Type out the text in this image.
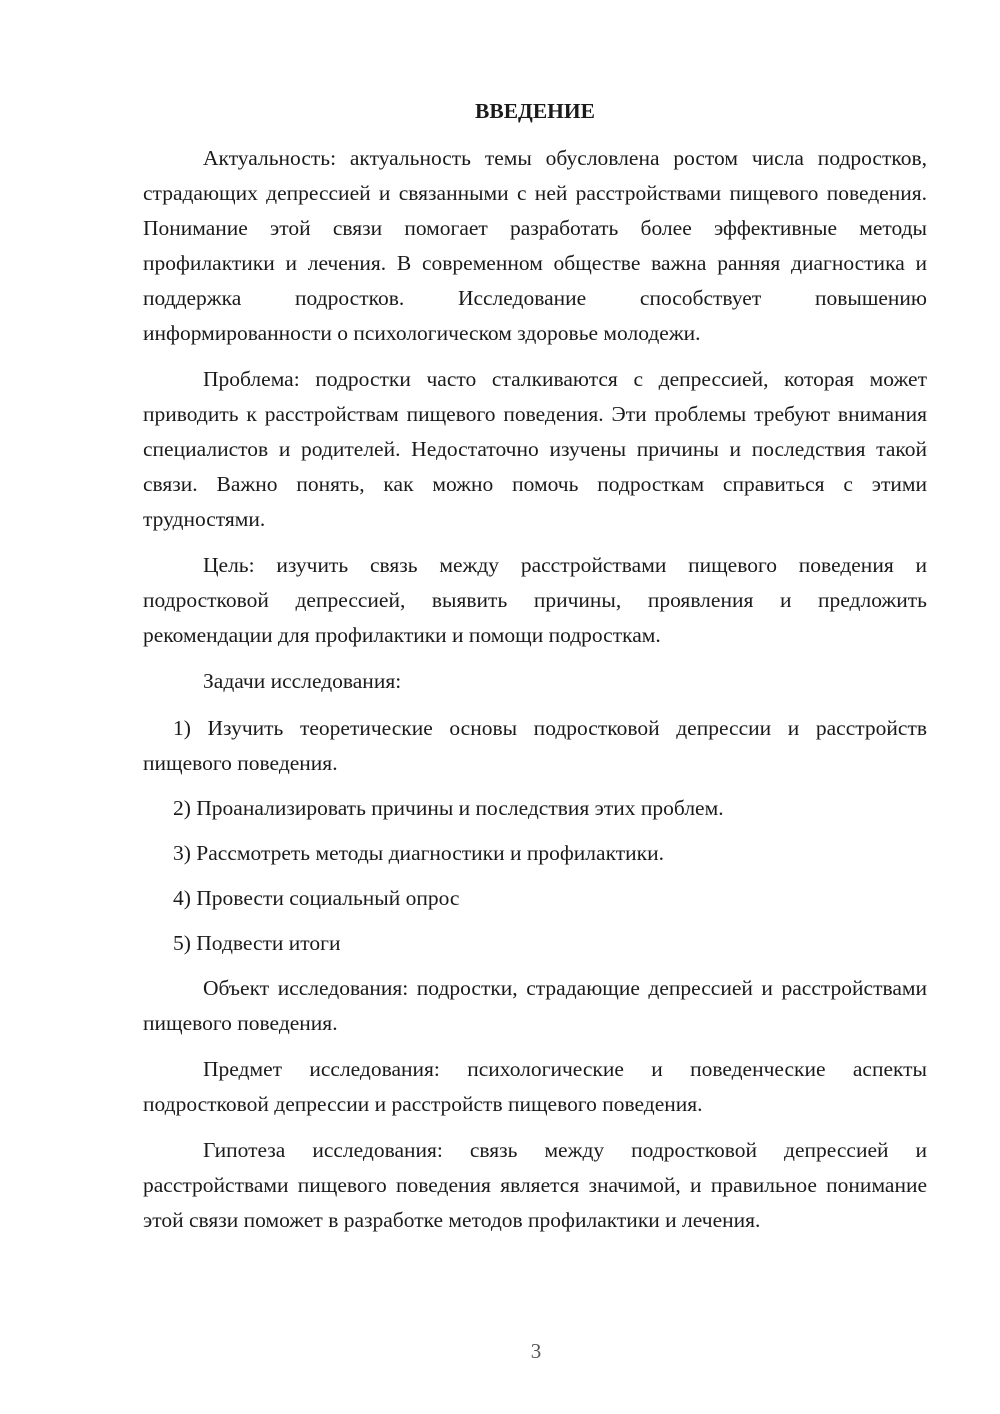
ВВЕДЕНИЕ

Актуальность: актуальность темы обусловлена ростом числа подростков, страдающих депрессией и связанными с ней расстройствами пищевого поведения. Понимание этой связи помогает разработать более эффективные методы профилактики и лечения. В современном обществе важна ранняя диагностика и поддержка подростков. Исследование способствует повышению информированности о психологическом здоровье молодежи.

Проблема: подростки часто сталкиваются с депрессией, которая может приводить к расстройствам пищевого поведения. Эти проблемы требуют внимания специалистов и родителей. Недостаточно изучены причины и последствия такой связи. Важно понять, как можно помочь подросткам справиться с этими трудностями.

Цель: изучить связь между расстройствами пищевого поведения и подростковой депрессией, выявить причины, проявления и предложить рекомендации для профилактики и помощи подросткам.

Задачи исследования:

1) Изучить теоретические основы подростковой депрессии и расстройств пищевого поведения.

2) Проанализировать причины и последствия этих проблем.

3) Рассмотреть методы диагностики и профилактики.

4) Провести социальный опрос

5) Подвести итоги

Объект исследования: подростки, страдающие депрессией и расстройствами пищевого поведения.

Предмет исследования: психологические и поведенческие аспекты подростковой депрессии и расстройств пищевого поведения.

Гипотеза исследования: связь между подростковой депрессией и расстройствами пищевого поведения является значимой, и правильное понимание этой связи поможет в разработке методов профилактики и лечения.

3
